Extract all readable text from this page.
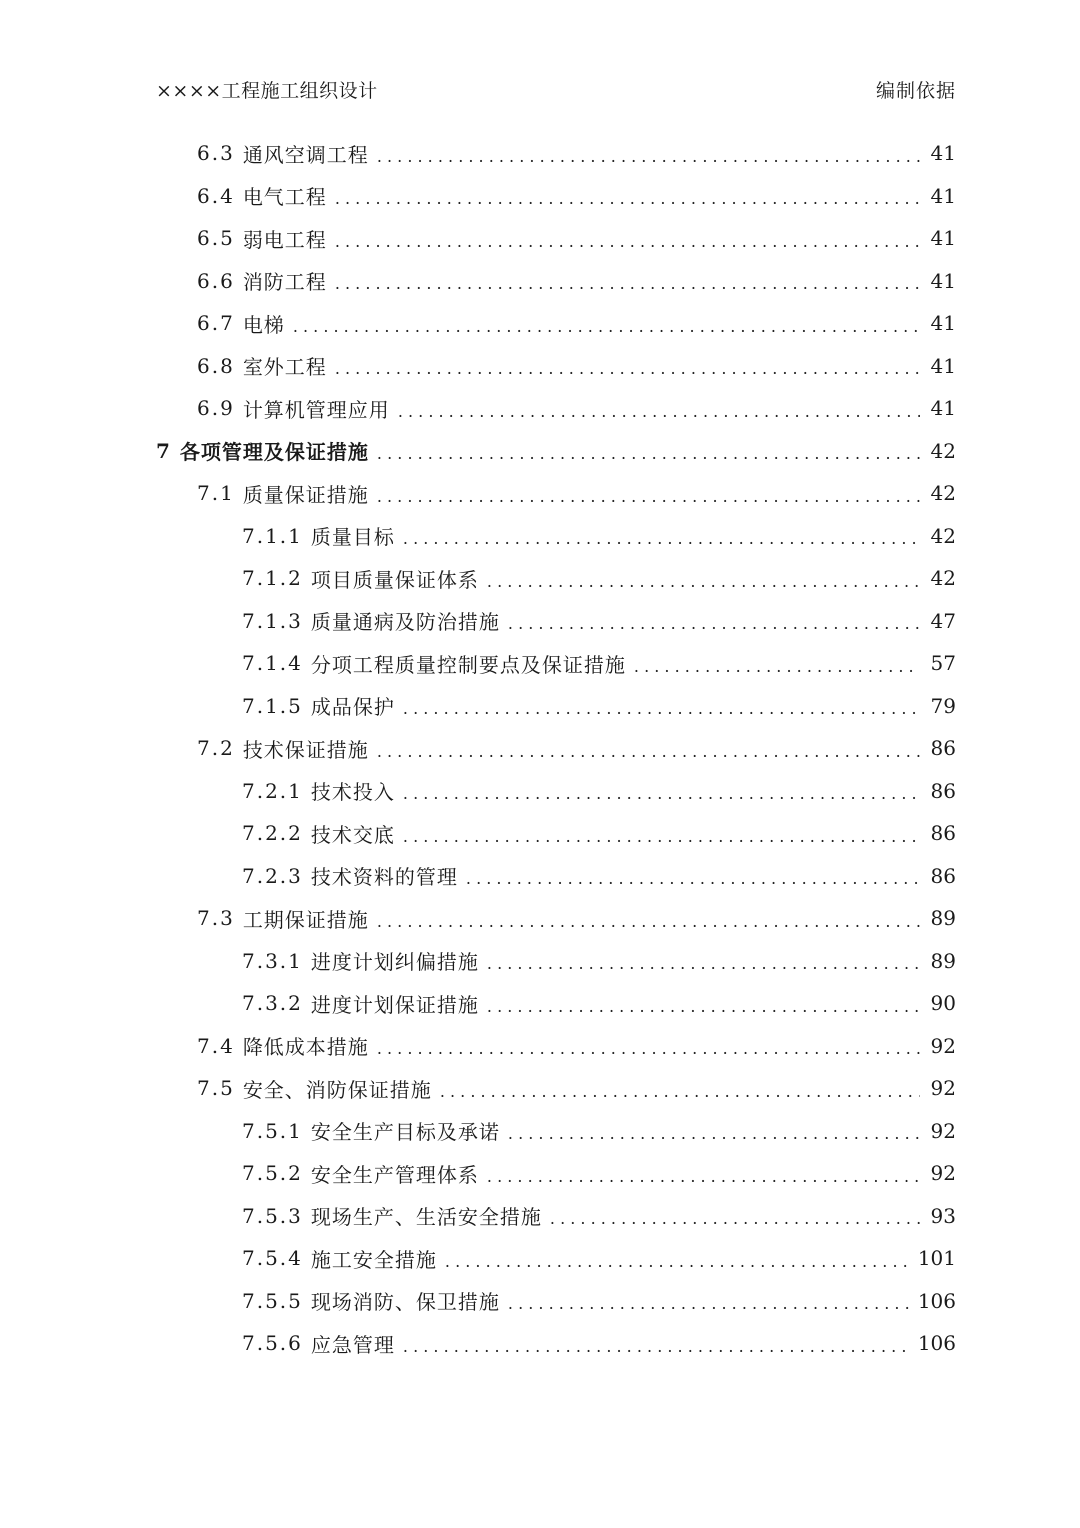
××××工程施工组织设计	编制依据
6.3 通风空调工程 . . .	41
6.4 电气工程 . . .	41
6.5 弱电工程 . . .	41
6.6 消防工程 . . .	41
6.7 电梯 . . .	41
6.8 室外工程 . . .	41
6.9 计算机管理应用 . . .	41
7 各项管理及保证措施 . . .	42
7.1 质量保证措施 . . .	42
7.1.1 质量目标 . . .	42
7.1.2 项目质量保证体系 . . .	42
7.1.3 质量通病及防治措施 . . .	47
7.1.4 分项工程质量控制要点及保证措施 . . .	57
7.1.5 成品保护 . . .	79
7.2 技术保证措施 . . .	86
7.2.1 技术投入 . . .	86
7.2.2 技术交底 . . .	86
7.2.3 技术资料的管理 . . .	86
7.3 工期保证措施 . . .	89
7.3.1 进度计划纠偏措施 . . .	89
7.3.2 进度计划保证措施 . . .	90
7.4 降低成本措施 . . .	92
7.5 安全、消防保证措施 . . .	92
7.5.1 安全生产目标及承诺 . . .	92
7.5.2 安全生产管理体系 . . .	92
7.5.3 现场生产、生活安全措施 . . .	93
7.5.4 施工安全措施 . . .	101
7.5.5 现场消防、保卫措施 . . .	106
7.5.6 应急管理 . . .	106
